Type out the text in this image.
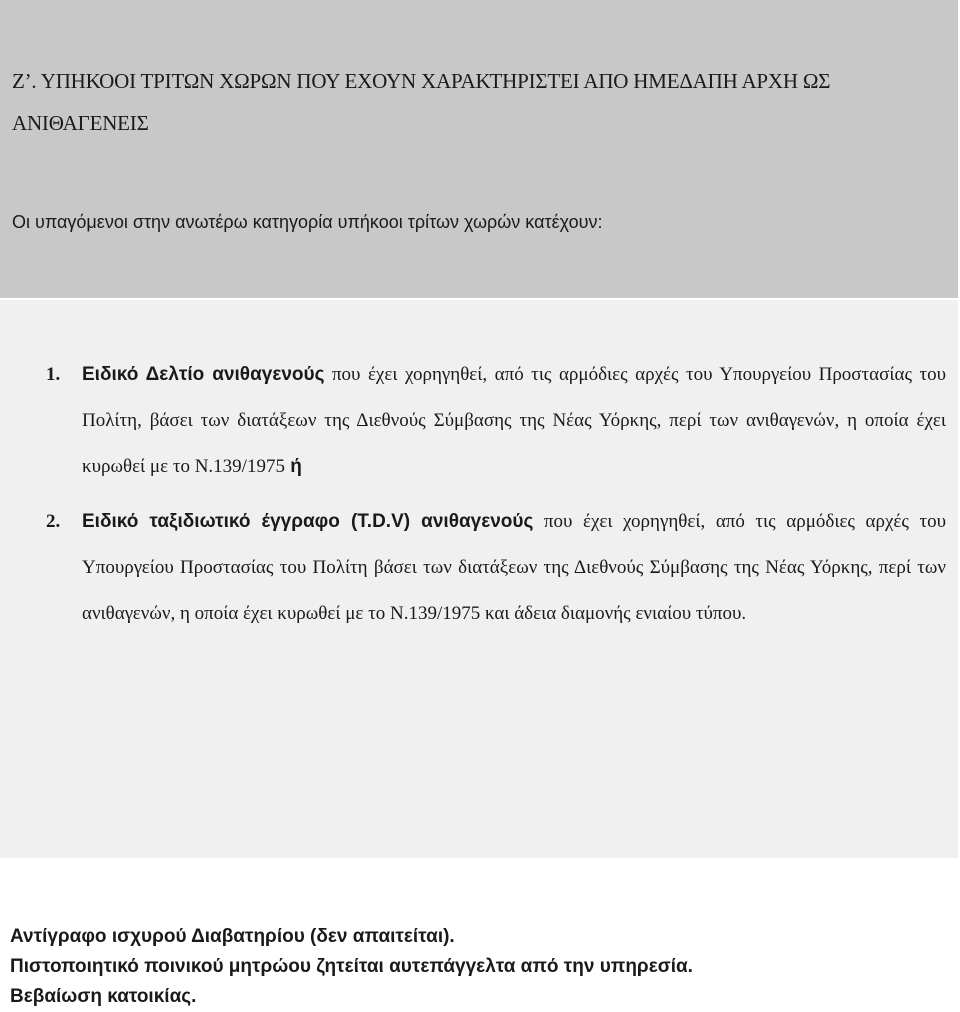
Ζ’. ΥΠΗΚΟΟΙ ΤΡΙΤΩΝ ΧΩΡΩΝ ΠΟΥ ΕΧΟΥΝ ΧΑΡΑΚΤΗΡΙΣΤΕΙ ΑΠΟ ΗΜΕΔΑΠΗ ΑΡΧΗ ΩΣ ΑΝΙΘΑΓΕΝΕΙΣ
Οι υπαγόμενοι στην ανωτέρω κατηγορία υπήκοοι τρίτων χωρών κατέχουν:
1. Ειδικό Δελτίο ανιθαγενούς που έχει χορηγηθεί, από τις αρμόδιες αρχές του Υπουργείου Προστασίας του Πολίτη, βάσει των διατάξεων της Διεθνούς Σύμβασης της Νέας Υόρκης, περί των ανιθαγενών, η οποία έχει κυρωθεί με το Ν.139/1975 ή
2. Ειδικό ταξιδιωτικό έγγραφο (T.D.V) ανιθαγενούς που έχει χορηγηθεί, από τις αρμόδιες αρχές του Υπουργείου Προστασίας του Πολίτη βάσει των διατάξεων της Διεθνούς Σύμβασης της Νέας Υόρκης, περί των ανιθαγενών, η οποία έχει κυρωθεί με το Ν.139/1975 και άδεια διαμονής ενιαίου τύπου.
Αντίγραφο ισχυρού Διαβατηρίου (δεν απαιτείται).
Πιστοποιητικό ποινικού μητρώου ζητείται αυτεπάγγελτα από την υπηρεσία.
Βεβαίωση κατοικίας.
